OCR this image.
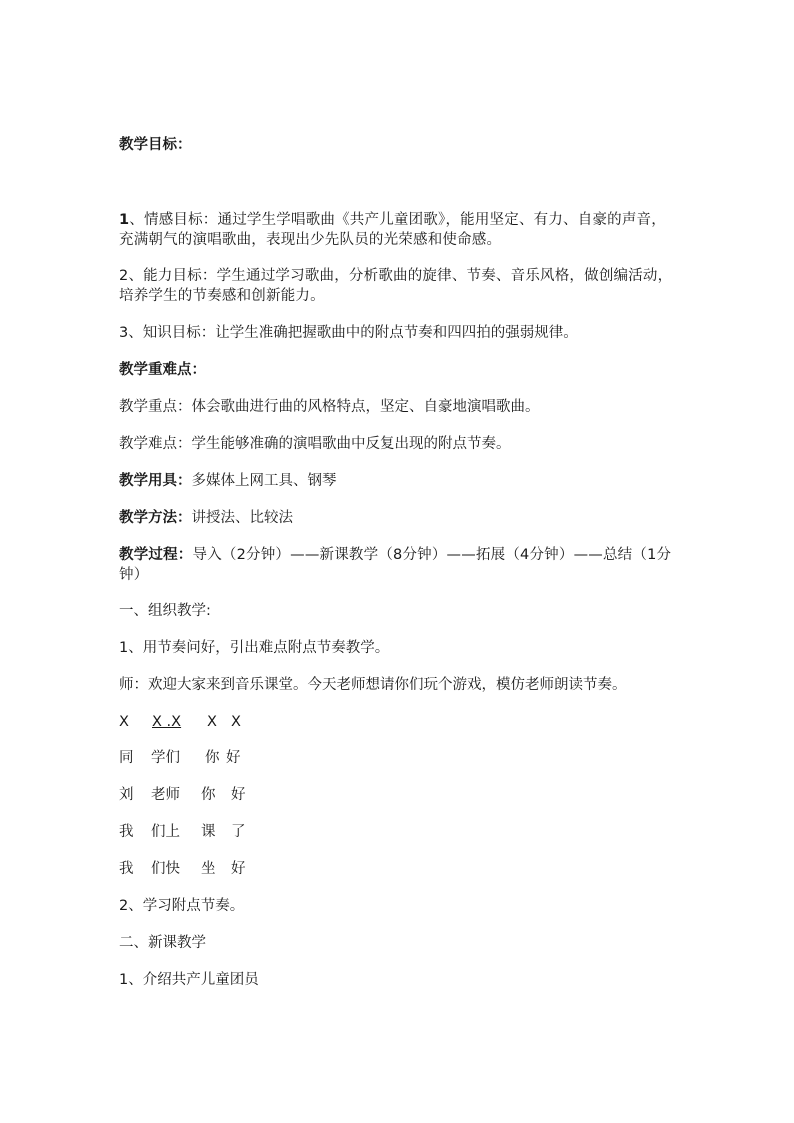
教学目标：
1、情感目标：通过学生学唱歌曲《共产儿童团歌》，能用坚定、有力、自豪的声音，充满朝气的演唱歌曲，表现出少先队员的光荣感和使命感。
2、能力目标：学生通过学习歌曲，分析歌曲的旋律、节奏、音乐风格，做创编活动，培养学生的节奏感和创新能力。
3、知识目标：让学生准确把握歌曲中的附点节奏和四四拍的强弱规律。
教学重难点：
教学重点：体会歌曲进行曲的风格特点，坚定、自豪地演唱歌曲。
教学难点：学生能够准确的演唱歌曲中反复出现的附点节奏。
教学用具：多媒体上网工具、钢琴
教学方法：讲授法、比较法
教学过程：导入（2分钟）——新课教学（8分钟）——拓展（4分钟）——总结（1分钟）
一、组织教学:
1、用节奏问好，引出难点附点节奏教学。
师：欢迎大家来到音乐课堂。今天老师想请你们玩个游戏，模仿老师朗读节奏。
X X .X X X
同 学们 你 好
刘 老师 你 好
我 们上 课 了
我 们快 坐 好
2、学习附点节奏。
二、新课教学
1、介绍共产儿童团员
